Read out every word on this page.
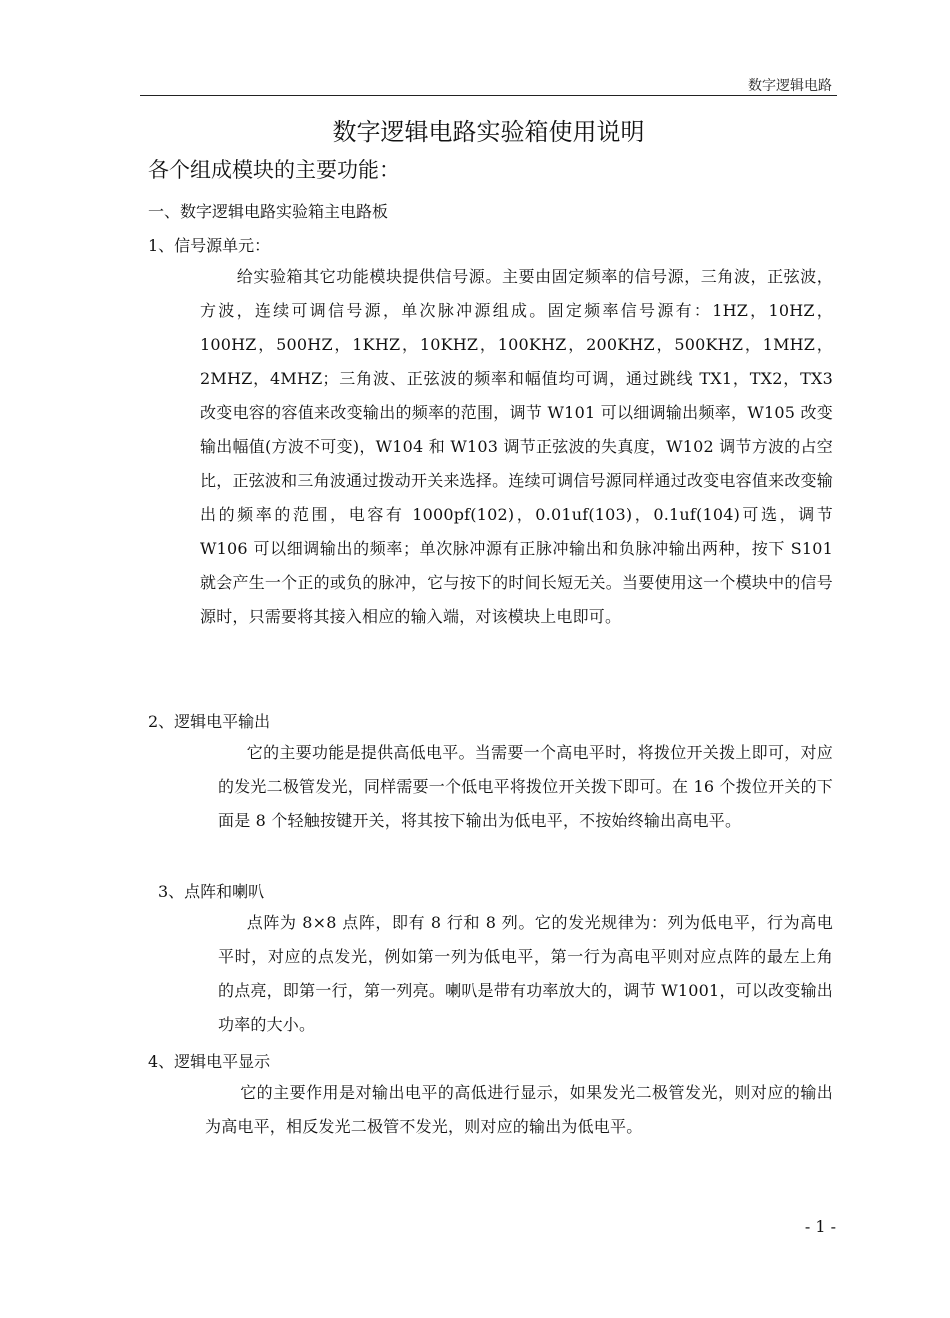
数字逻辑电路
数字逻辑电路实验箱使用说明
各个组成模块的主要功能：
一、数字逻辑电路实验箱主电路板
1、信号源单元：
给实验箱其它功能模块提供信号源。主要由固定频率的信号源，三角波，正弦波，方波，连续可调信号源，单次脉冲源组成。固定频率信号源有：1HZ，10HZ，100HZ，500HZ，1KHZ，10KHZ，100KHZ，200KHZ，500KHZ，1MHZ，2MHZ，4MHZ；三角波、正弦波的频率和幅值均可调，通过跳线 TX1，TX2，TX3 改变电容的容值来改变输出的频率的范围，调节 W101 可以细调输出频率，W105 改变输出幅值(方波不可变)，W104 和 W103 调节正弦波的失真度，W102 调节方波的占空比，正弦波和三角波通过拨动开关来选择。连续可调信号源同样通过改变电容值来改变输出的频率的范围，电容有 1000pf(102)，0.01uf(103)，0.1uf(104)可选，调节 W106 可以细调输出的频率；单次脉冲源有正脉冲输出和负脉冲输出两种，按下 S101 就会产生一个正的或负的脉冲，它与按下的时间长短无关。当要使用这一个模块中的信号源时，只需要将其接入相应的输入端，对该模块上电即可。
2、逻辑电平输出
它的主要功能是提供高低电平。当需要一个高电平时，将拨位开关拨上即可，对应的发光二极管发光，同样需要一个低电平将拨位开关拨下即可。在 16 个拨位开关的下面是 8 个轻触按键开关，将其按下输出为低电平，不按始终输出高电平。
3、点阵和喇叭
点阵为 8×8 点阵，即有 8 行和 8 列。它的发光规律为：列为低电平，行为高电平时，对应的点发光，例如第一列为低电平，第一行为高电平则对应点阵的最左上角的点亮，即第一行，第一列亮。喇叭是带有功率放大的，调节 W1001，可以改变输出功率的大小。
4、逻辑电平显示
它的主要作用是对输出电平的高低进行显示，如果发光二极管发光，则对应的输出为高电平，相反发光二极管不发光，则对应的输出为低电平。
- 1 -
